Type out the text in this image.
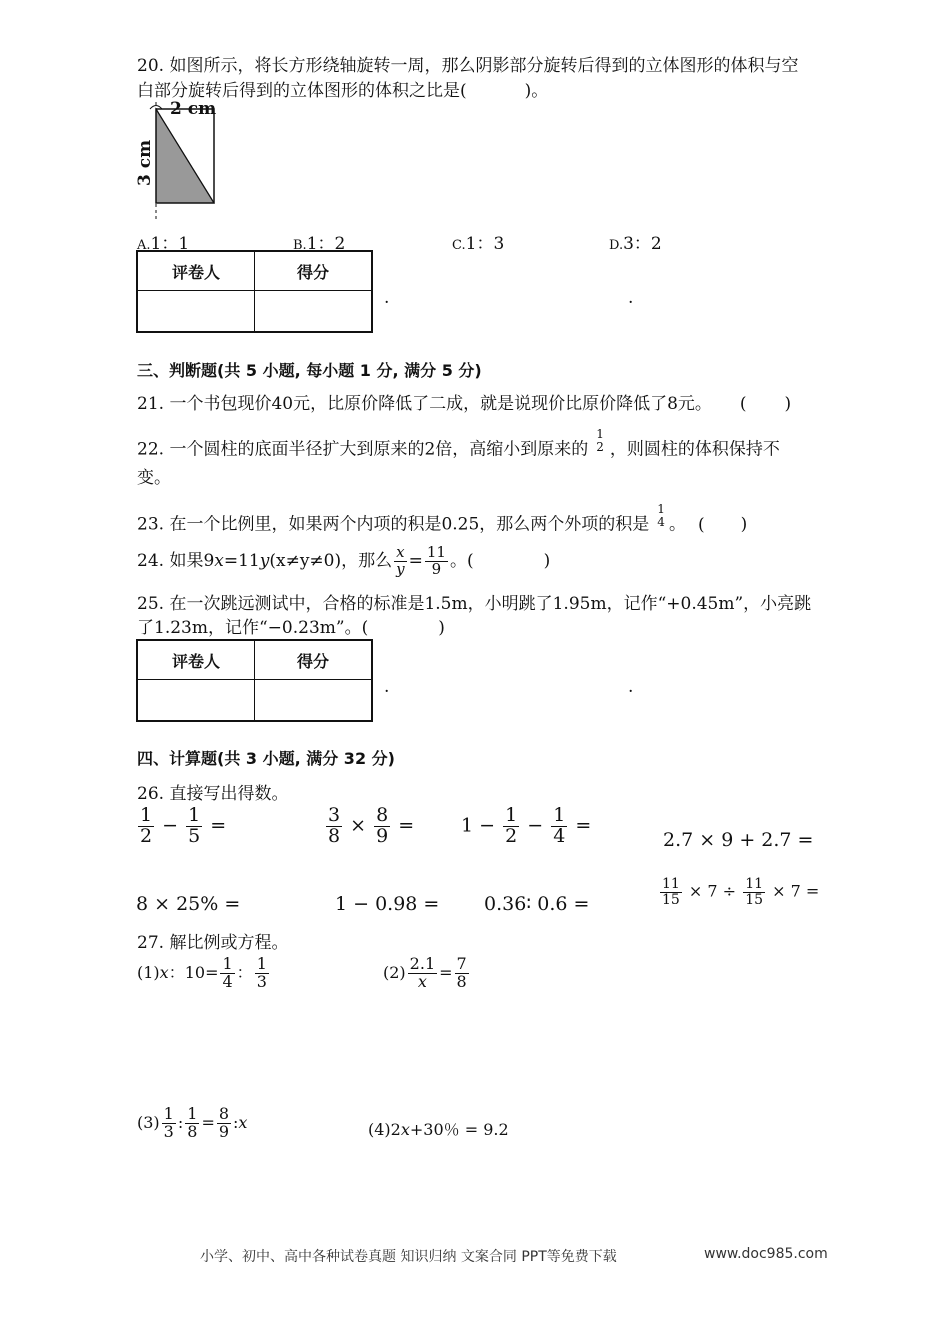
20. 如图所示，将长方形绕轴旋转一周，那么阴影部分旋转后得到的立体图形的体积与空
白部分旋转后得到的立体图形的体积之比是(	)。
2 cm
3 cm
A.1：1	B.1：2	C.1：3	D.3：2
评卷人	得分

.	.
三、判断题(共 5 小题, 每小题 1 分, 满分 5 分)
21. 一个书包现价40元，比原价降低了二成，就是说现价比原价降低了8元。 ( )
22. 一个圆柱的底面半径扩大到原来的2倍，高缩小到原来的
1
2 ，则圆柱的体积保持不
变。
23. 在一个比例里，如果两个内项的积是0.25，那么两个外项的积是
1
4 。 ( )
24. 如果9x=11y(x≠y≠0)，那么 $\frac{x}{y} = \frac{11}{9}$ 。(	)
25. 在一次跳远测试中，合格的标准是1.5m，小明跳了1.95m，记作“+0.45m”，小亮跳
了1.23m，记作“−0.23m”。(	)
评卷人	得分

.	.
四、计算题(共 3 小题, 满分 32 分)
26. 直接写出得数。
$\frac{1}{2} - \frac{1}{5}$ =	$\frac{3}{8} \times \frac{8}{9} = 1 - \frac{1}{2} - \frac{1}{4}$ =
2.7 × 9 + 2.7 =
8 × 25% =	1 − 0.98 = 0.36∶ 0.6 =	$\frac{11}{15} \times 7 \div \frac{11}{15} \times 7$ =
27. 解比例或方程。
(1)x：$10= \frac{1}{4}$ ： $\frac{1}{3}$	$(2) \frac{2.1}{x} = \frac{7}{8}$
$(3) \frac{1}{3}$ : $\frac{1}{8} = \frac{8}{9}$ :x	(4)2x+30％ = 9.2
小学、初中、高中各种试卷真题 知识归纳 文案合同 PPT等免费下载	www.doc985.com
